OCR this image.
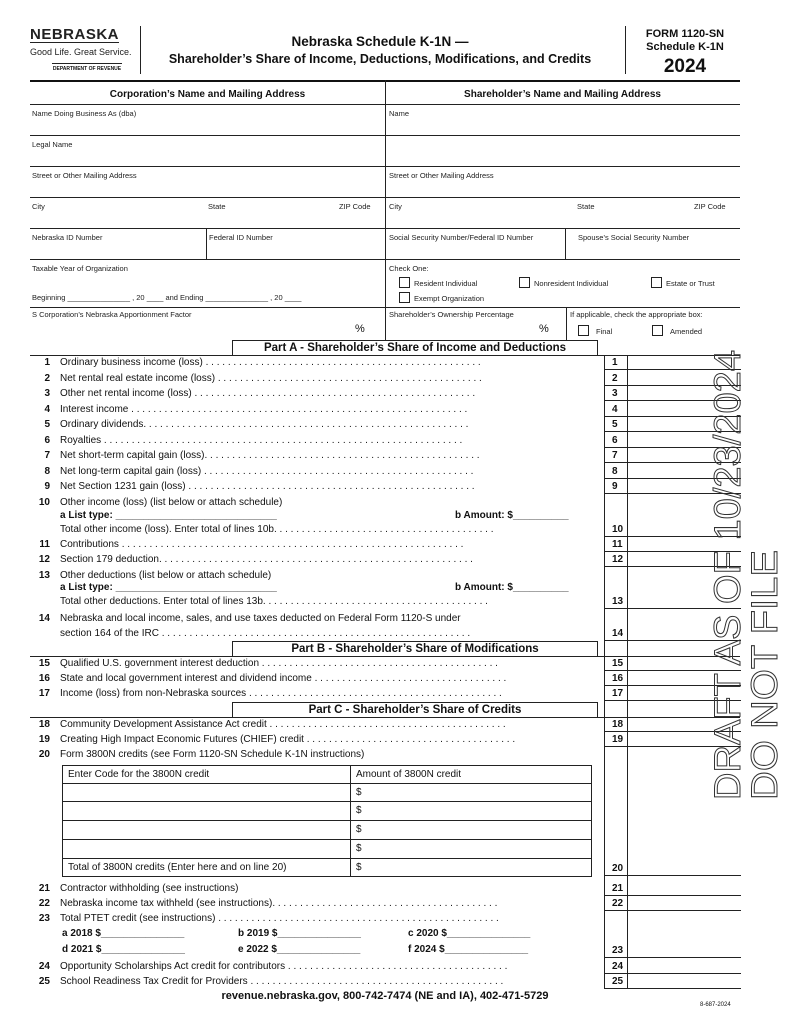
NEBRASKA
Good Life. Great Service.
DEPARTMENT OF REVENUE
Nebraska Schedule K-1N —
Shareholder’s Share of Income, Deductions, Modifications, and Credits
FORM 1120-SN
Schedule K-1N
2024
Corporation’s Name and Mailing Address	Shareholder’s Name and Mailing Address
Name Doing Business As (dba)	Name
Legal Name
Street or Other Mailing Address	Street or Other Mailing Address
City	State	ZIP Code City	State	ZIP Code
Nebraska ID Number	Federal ID Number	Social Security Number/Federal ID Number	Spouse’s Social Security Number
Taxable Year of Organization
Beginning _______________ , 20 ____ and Ending _______________ , 20 ____
Check One:
Resident Individual	Nonresident Individual	Estate or Trust
Exempt Organization
S Corporation’s Nebraska Apportionment Factor
%
Shareholder’s Ownership Percentage
%
If applicable, check the appropriate box:
Final	Amended
Part A - Shareholder’s Share of Income and Deductions
1 Ordinary business income (loss) . . . . . . . . . . . . . . . . . . . . . . . . . . . . . . . . . . . . . . . . . . . . . . . . . .	1
2 Net rental real estate income (loss) . . . . . . . . . . . . . . . . . . . . . . . . . . . . . . . . . . . . . . . . . . . . . . . .	2
3 Other net rental income (loss) . . . . . . . . . . . . . . . . . . . . . . . . . . . . . . . . . . . . . . . . . . . . . . . . . . .	3
4 Interest income . . . . . . . . . . . . . . . . . . . . . . . . . . . . . . . . . . . . . . . . . . . . . . . . . . . . . . . . . . . . .	4
5 Ordinary dividends. . . . . . . . . . . . . . . . . . . . . . . . . . . . . . . . . . . . . . . . . . . . . . . . . . . . . . . . . . .	5
6 Royalties . . . . . . . . . . . . . . . . . . . . . . . . . . . . . . . . . . . . . . . . . . . . . . . . . . . . . . . . . . . . . . . . .	6
7 Net short-term capital gain (loss). . . . . . . . . . . . . . . . . . . . . . . . . . . . . . . . . . . . . . . . . . . . . . . . . .	7
8 Net long-term capital gain (loss) . . . . . . . . . . . . . . . . . . . . . . . . . . . . . . . . . . . . . . . . . . . . . . . . .	8
9 Net Section 1231 gain (loss) . . . . . . . . . . . . . . . . . . . . . . . . . . . . . . . . . . . . . . . . . . . . . . . . . . . .	9
10 Other income (loss) (list below or attach schedule)
a List type: _____________________________	b Amount: $__________
Total other income (loss). Enter total of lines 10b. . . . . . . . . . . . . . . . . . . . . . . . . . . . . . . . . . . . . . . .	10
11 Contributions . . . . . . . . . . . . . . . . . . . . . . . . . . . . . . . . . . . . . . . . . . . . . . . . . . . . . . . . . . . . . .	11
12 Section 179 deduction. . . . . . . . . . . . . . . . . . . . . . . . . . . . . . . . . . . . . . . . . . . . . . . . . . . . . . . . .	12
13 Other deductions (list below or attach schedule)
a List type: _____________________________	b Amount: $__________
Total other deductions. Enter total of lines 13b. . . . . . . . . . . . . . . . . . . . . . . . . . . . . . . . . . . . . . . . .	13
14 Nebraska and local income, sales, and use taxes deducted on Federal Form 1120-S under
section 164 of the IRC . . . . . . . . . . . . . . . . . . . . . . . . . . . . . . . . . . . . . . . . . . . . . . . . . . . . . . . .	14
Part B - Shareholder’s Share of Modifications
15 Qualified U.S. government interest deduction . . . . . . . . . . . . . . . . . . . . . . . . . . . . . . . . . . . . . . . . . . .	15
16 State and local government interest and dividend income . . . . . . . . . . . . . . . . . . . . . . . . . . . . . . . . . . .	16
17 Income (loss) from non-Nebraska sources . . . . . . . . . . . . . . . . . . . . . . . . . . . . . . . . . . . . . . . . . . . . . .	17
Part C - Shareholder’s Share of Credits
18 Community Development Assistance Act credit . . . . . . . . . . . . . . . . . . . . . . . . . . . . . . . . . . . . . . . . . . .	18
19 Creating High Impact Economic Futures (CHIEF) credit . . . . . . . . . . . . . . . . . . . . . . . . . . . . . . . . . . . . . .	19
20 Form 3800N credits (see Form 1120-SN Schedule K-1N instructions)
Enter Code for the 3800N credit	Amount of 3800N credit
$
$
$
$
Total of 3800N credits (Enter here and on line 20)	$	20
21 Contractor withholding (see instructions)	21
22 Nebraska income tax withheld (see instructions). . . . . . . . . . . . . . . . . . . . . . . . . . . . . . . . . . . . . . . . .	22
23 Total PTET credit (see instructions) . . . . . . . . . . . . . . . . . . . . . . . . . . . . . . . . . . . . . . . . . . . . . . . . . . .
a 2018 $_______________	b 2019 $_______________	c 2020 $_______________
d 2021 $_______________	e 2022 $_______________	f 2024 $_______________	23
24 Opportunity Scholarships Act credit for contributors . . . . . . . . . . . . . . . . . . . . . . . . . . . . . . . . . . . . . . . .	24
25 School Readiness Tax Credit for Providers . . . . . . . . . . . . . . . . . . . . . . . . . . . . . . . . . . . . . . . . . . . . . .	25
DRAFT AS OF 10/23/2024
DO NOT FILE
revenue.nebraska.gov, 800-742-7474 (NE and IA), 402-471-5729
8-687-2024
